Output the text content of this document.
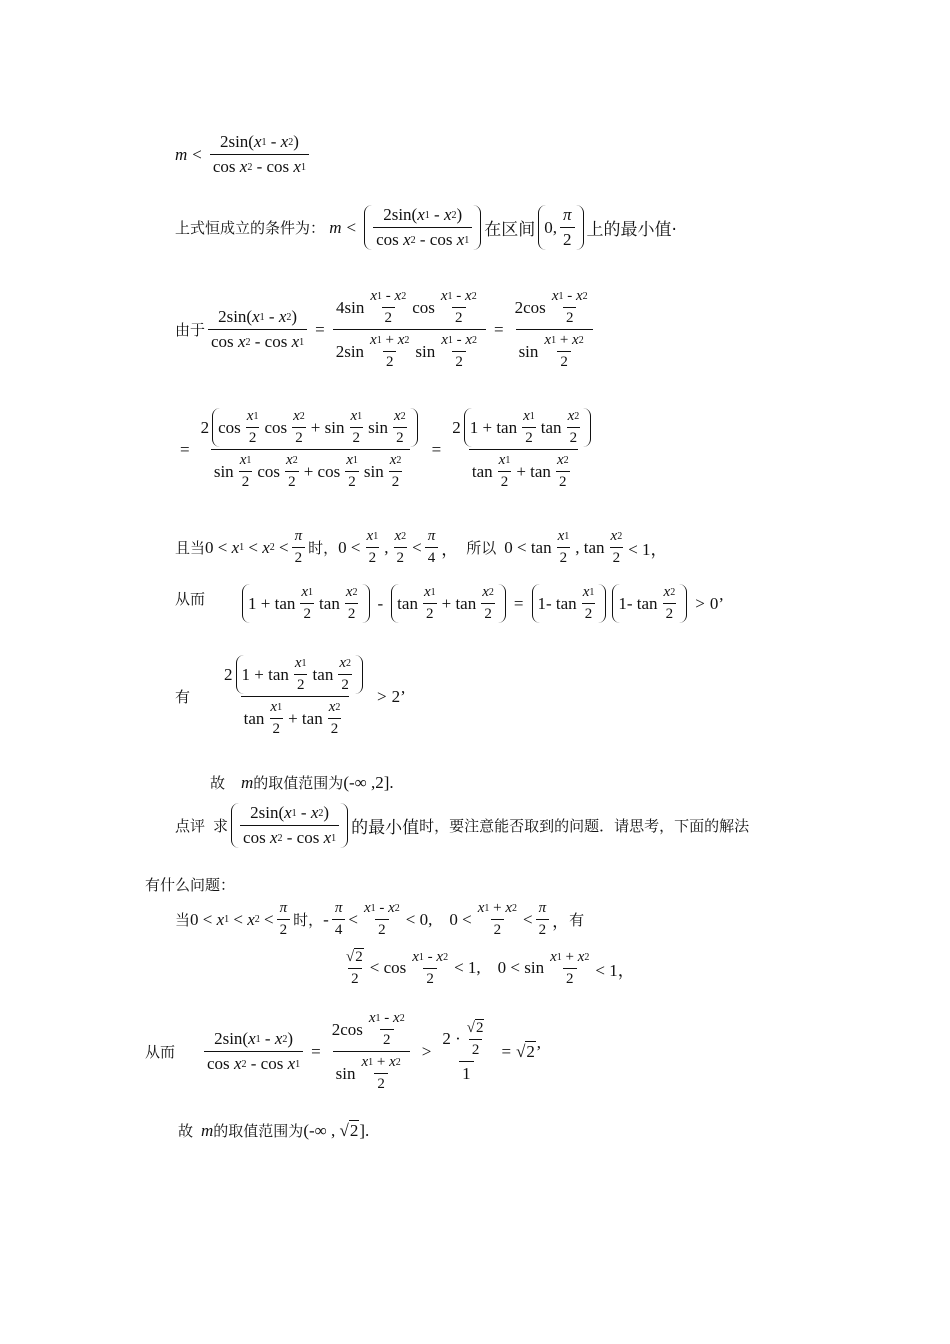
$m < \frac{2\sin( x 1 - x 2 )}{\text{cos x 2 - cos x 1}}$
上式恒成立的条件为： $m < \frac{2\sin( x 1 - x 2 )}{\text{cos x 2 - cos x 1}}$ 在区间 0, $\frac{\pi}{2}$ 上的最小值·
由于 $\frac{2\sin( x 1 - x 2 )}{\text{cos x 2 - cos x 1}} = \frac{4\sin \frac{x 1 - x 2}{2} \cos \frac{x 1 - x 2}{2}}{2\sin \frac{x 1 + x 2}{2} \sin \frac{x 1 - x 2}{2}} = \frac{2\cos \frac{x 1 - x 2}{2}}{\sin \frac{x 1 + x 2}{2}}$
= $\frac{2 \cos \frac{x 1}{2} \cos \frac{x 2}{2} + \sin \frac{x 1}{2} \sin \frac{x 2}{2}}{\sin \frac{x 1}{2} \cos \frac{x 2}{2} + \cos \frac{x 1}{2} \sin \frac{x 2}{2}} = \frac{2 1 + \tan \frac{x 1}{2} \tan \frac{x 2}{2}}{\tan \frac{x 1}{2} + \tan \frac{x 2}{2}}$
且当 0 < x 1 < x $2 < \frac{\pi}{2}$ 时， $0 < \frac{x 1}{2}$ , $\frac{x 2}{2} < \frac{\pi}{4}$ ， 所以 $0 < \tan \frac{x 1}{2}$ , $\tan \frac{x 2}{2} < 1$，
从而	$1 + \tan \frac{x 1}{2}$ $\tan \frac{x 2}{2} - \tan \frac{x 1}{2} + \tan \frac{x 2}{2} = 1-$ $\tan \frac{x 1}{2}$	1- $\tan \frac{x 2}{2} > 0$’
有 $\frac{2 1 + \tan \frac{x 1}{2} \tan \frac{x 2}{2}}{\tan \frac{x 1}{2} + \tan \frac{x 2}{2}} > 2$’
故 m 的取值范围为 (-∞ ,2].
点评 求 $\frac{2\sin( x 1 - x 2 )}{\text{cos x 2 - cos x 1}}$ 的最小值 时，要注意能否取到的问题．请思考，下面的解法
有什么问题：
当 0 < x 1 < x $2 < \frac{\pi}{2}$ 时， - $\frac{\pi}{4} < \frac{x 1 - x 2}{2} < 0$,    $0 < \frac{x 1 + x 2}{2} < \frac{\pi}{2}$ ， 有
$\frac{√ 2}{2} < \cos \frac{x 1 - x 2}{2} < 1$,    $0 < \sin \frac{x 1 + x 2}{2} < 1$，
从而 $\frac{2\sin( x 1 - x 2 )}{\text{cos x 2 - cos x 1}} = \frac{2\cos \frac{x 1 - x 2}{2}}{\sin \frac{x 1 + x 2}{2}} > \frac{2 \cdot \frac{√ 2}{2}}{1}$ = √ 2 ’
故 m 的取值范围为 (-∞ , √ 2 ].
